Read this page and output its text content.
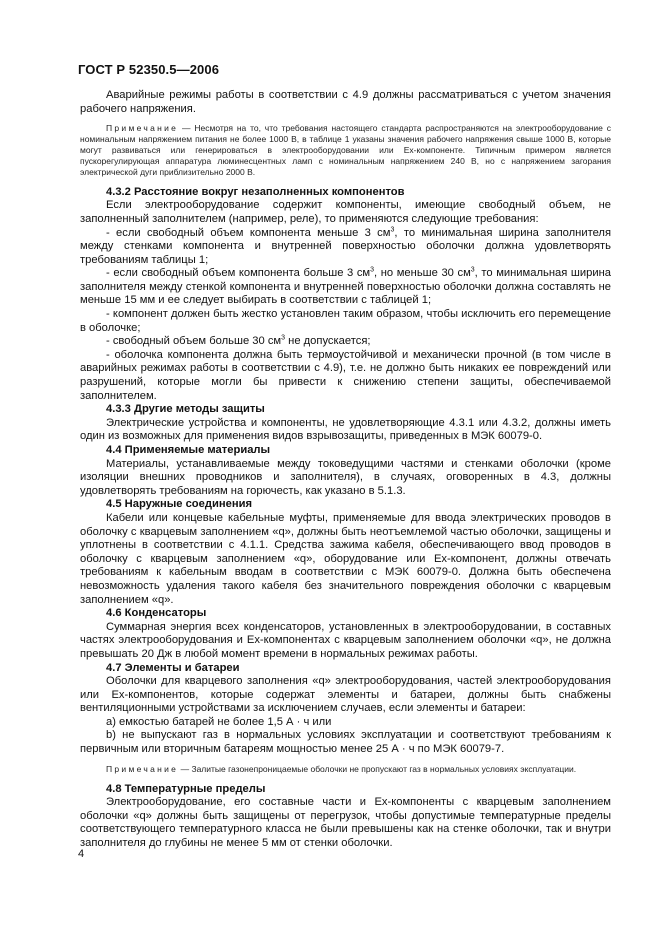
ГОСТ Р 52350.5—2006

Аварийные режимы работы в соответствии с 4.9 должны рассматриваться с учетом значения рабочего напряжения.

Примечание — Несмотря на то, что требования настоящего стандарта распространяются на электрооборудование с номинальным напряжением питания не более 1000 В, в таблице 1 указаны значения рабочего напряжения свыше 1000 В, которые могут развиваться или генерироваться в электрооборудовании или Ex-компоненте. Типичным примером является пускорегулирующая аппаратура люминесцентных ламп с номинальным напряжением 240 В, но с напряжением загорания электрической дуги приблизительно 2000 В.

4.3.2 Расстояние вокруг незаполненных компонентов

Если электрооборудование содержит компоненты, имеющие свободный объем, не заполненный заполнителем (например, реле), то применяются следующие требования:

- если свободный объем компонента меньше 3 $см^3$, то минимальная ширина заполнителя между стенками компонента и внутренней поверхностью оболочки должна удовлетворять требованиям таблицы 1;

- если свободный объем компонента больше 3 $см^3$, но меньше 30 $см^3$, то минимальная ширина заполнителя между стенкой компонента и внутренней поверхностью оболочки должна составлять не меньше 15 мм и ее следует выбирать в соответствии с таблицей 1;

- компонент должен быть жестко установлен таким образом, чтобы исключить его перемещение в оболочке;

- свободный объем больше 30 $см^3$ не допускается;

- оболочка компонента должна быть термоустойчивой и механически прочной (в том числе в аварийных режимах работы в соответствии с 4.9), т.е. не должно быть никаких ее повреждений или разрушений, которые могли бы привести к снижению степени защиты, обеспечиваемой заполнителем.

4.3.3 Другие методы защиты

Электрические устройства и компоненты, не удовлетворяющие 4.3.1 или 4.3.2, должны иметь один из возможных для применения видов взрывозащиты, приведенных в МЭК 60079-0.

4.4 Применяемые материалы

Материалы, устанавливаемые между токоведущими частями и стенками оболочки (кроме изоляции внешних проводников и заполнителя), в случаях, оговоренных в 4.3, должны удовлетворять требованиям на горючесть, как указано в 5.1.3.

4.5 Наружные соединения

Кабели или концевые кабельные муфты, применяемые для ввода электрических проводов в оболочку с кварцевым заполнением «q», должны быть неотъемлемой частью оболочки, защищены и уплотнены в соответствии с 4.1.1. Средства зажима кабеля, обеспечивающего ввод проводов в оболочку с кварцевым заполнением «q», оборудование или Ex-компонент, должны отвечать требованиям к кабельным вводам в соответствии с МЭК 60079-0. Должна быть обеспечена невозможность удаления такого кабеля без значительного повреждения оболочки с кварцевым заполнением «q».

4.6 Конденсаторы

Суммарная энергия всех конденсаторов, установленных в электрооборудовании, в составных частях электрооборудования и Ex-компонентах с кварцевым заполнением оболочки «q», не должна превышать 20 Дж в любой момент времени в нормальных режимах работы.

4.7 Элементы и батареи

Оболочки для кварцевого заполнения «q» электрооборудования, частей электрооборудования или Ex-компонентов, которые содержат элементы и батареи, должны быть снабжены вентиляционными устройствами за исключением случаев, если элементы и батареи:

а) емкостью батарей не более 1,5 А · ч или

b) не выпускают газ в нормальных условиях эксплуатации и соответствуют требованиям к первичным или вторичным батареям мощностью менее 25 А · ч по МЭК 60079-7.

Примечание — Залитые газонепроницаемые оболочки не пропускают газ в нормальных условиях эксплуатации.

4.8 Температурные пределы

Электрооборудование, его составные части и Ex-компоненты с кварцевым заполнением оболочки «q» должны быть защищены от перегрузок, чтобы допустимые температурные пределы соответствующего температурного класса не были превышены как на стенке оболочки, так и внутри заполнителя до глубины не менее 5 мм от стенки оболочки.

4
